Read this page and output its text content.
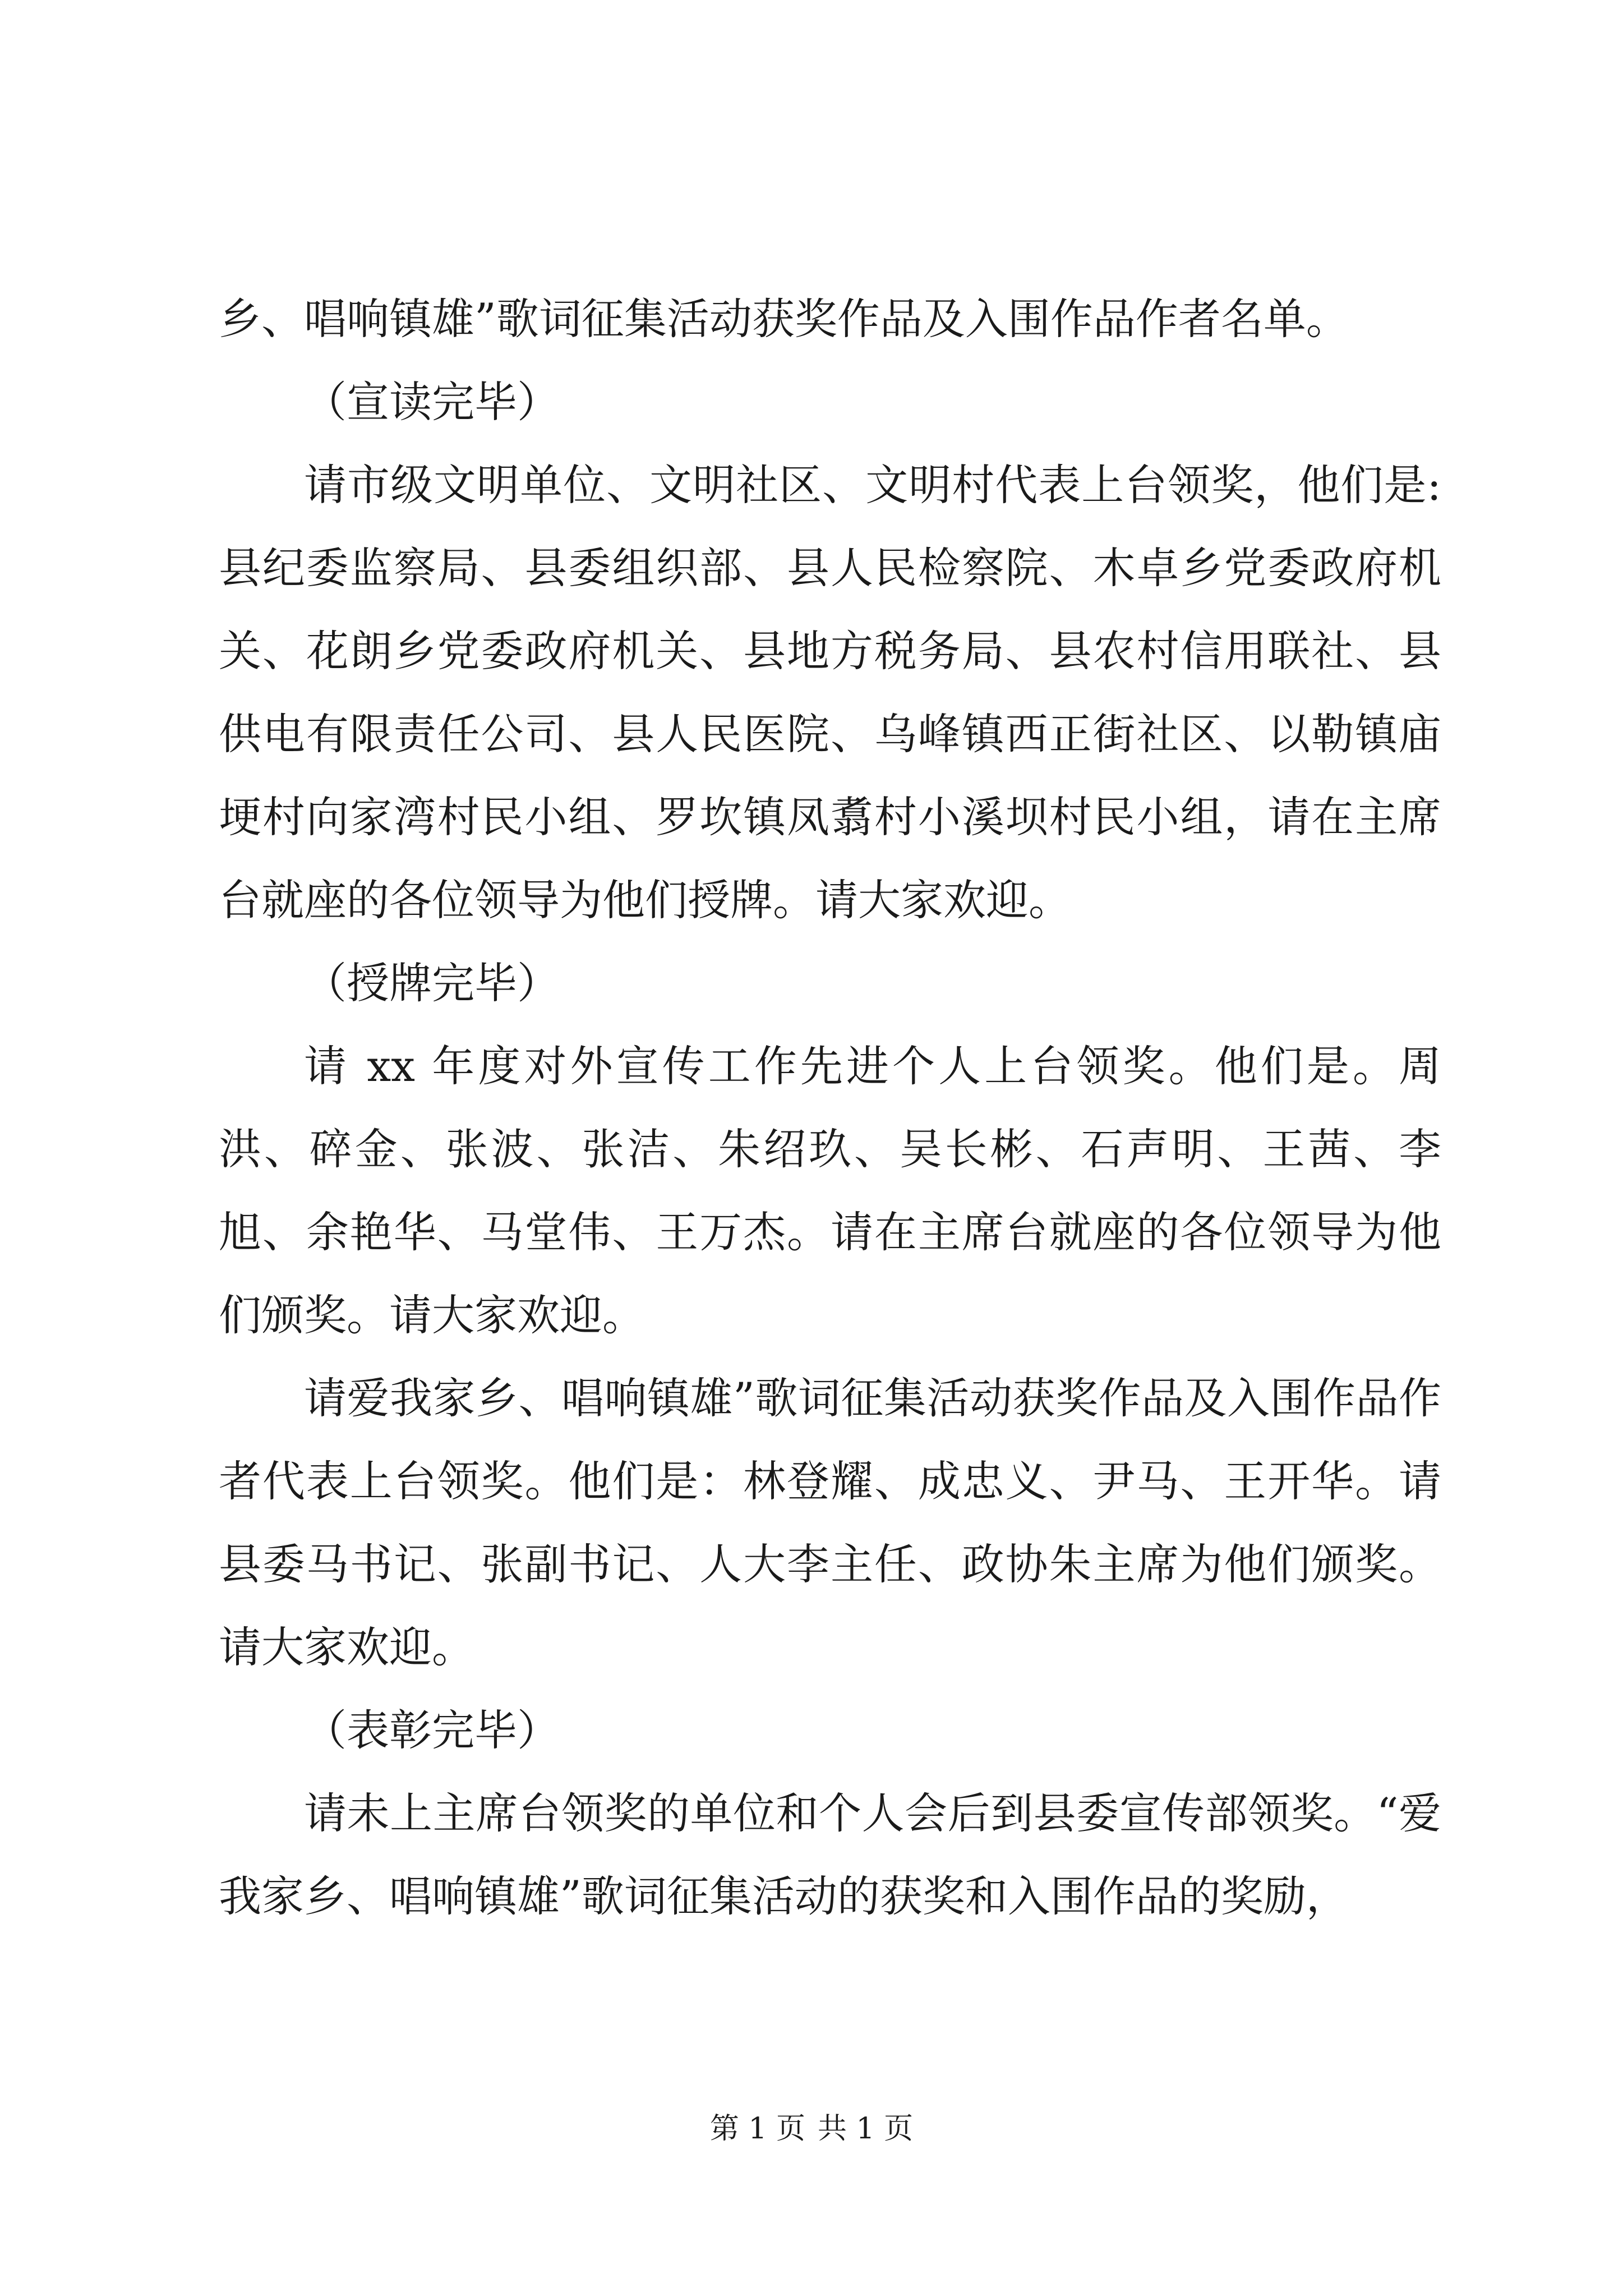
乡、唱响镇雄”歌词征集活动获奖作品及入围作品作者名单。

（宣读完毕）

请市级文明单位、文明社区、文明村代表上台领奖，他们是:县纪委监察局、县委组织部、县人民检察院、木卓乡党委政府机关、花朗乡党委政府机关、县地方税务局、县农村信用联社、县供电有限责任公司、县人民医院、乌峰镇西正街社区、以勒镇庙埂村向家湾村民小组、罗坎镇凤翥村小溪坝村民小组，请在主席台就座的各位领导为他们授牌。请大家欢迎。

（授牌完毕）

请 xx 年度对外宣传工作先进个人上台领奖。他们是。周洪、碎金、张波、张洁、朱绍玖、吴长彬、石声明、王茜、李旭、余艳华、马堂伟、王万杰。请在主席台就座的各位领导为他们颁奖。请大家欢迎。

请爱我家乡、唱响镇雄”歌词征集活动获奖作品及入围作品作者代表上台领奖。他们是：林登耀、成忠义、尹马、王开华。请县委马书记、张副书记、人大李主任、政协朱主席为他们颁奖。请大家欢迎。

（表彰完毕）

请未上主席台领奖的单位和个人会后到县委宣传部领奖。“爱我家乡、唱响镇雄”歌词征集活动的获奖和入围作品的奖励，

第 1 页 共 1 页
